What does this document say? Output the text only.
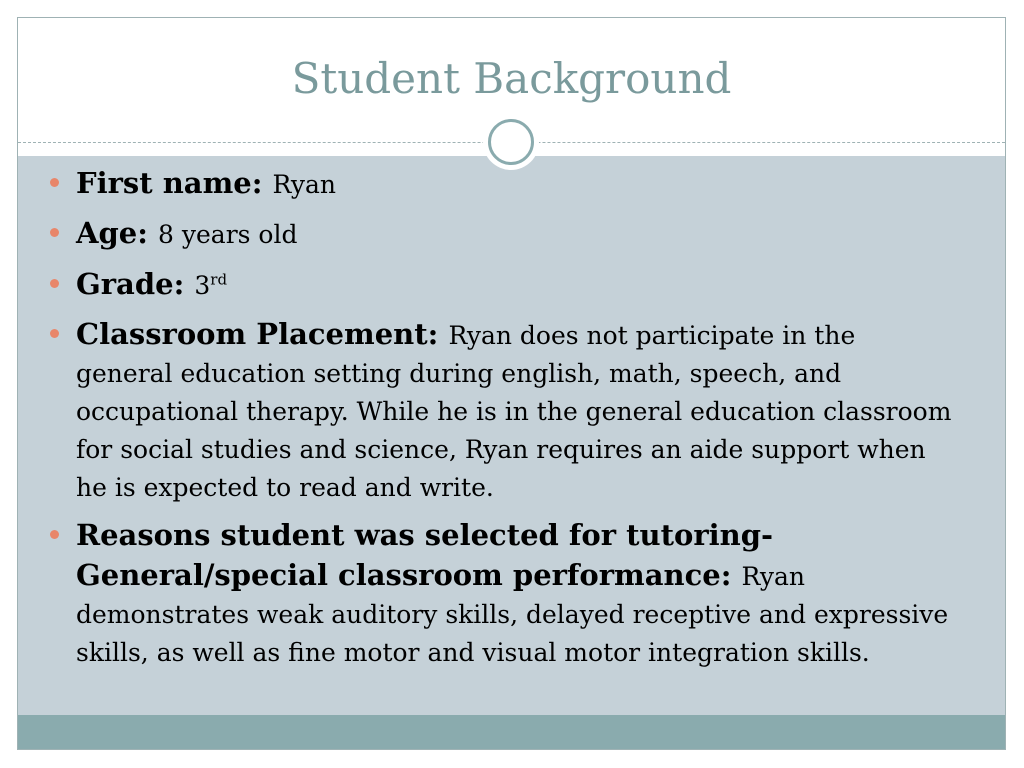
Student Background
First name: Ryan
Age: 8 years old
Grade: 3rd
Classroom Placement: Ryan does not participate in the general education setting during english, math, speech, and occupational therapy. While he is in the general education classroom for social studies and science, Ryan requires an aide support when he is expected to read and write.
Reasons student was selected for tutoring- General/special classroom performance: Ryan demonstrates weak auditory skills, delayed receptive and expressive skills, as well as fine motor and visual motor integration skills.
